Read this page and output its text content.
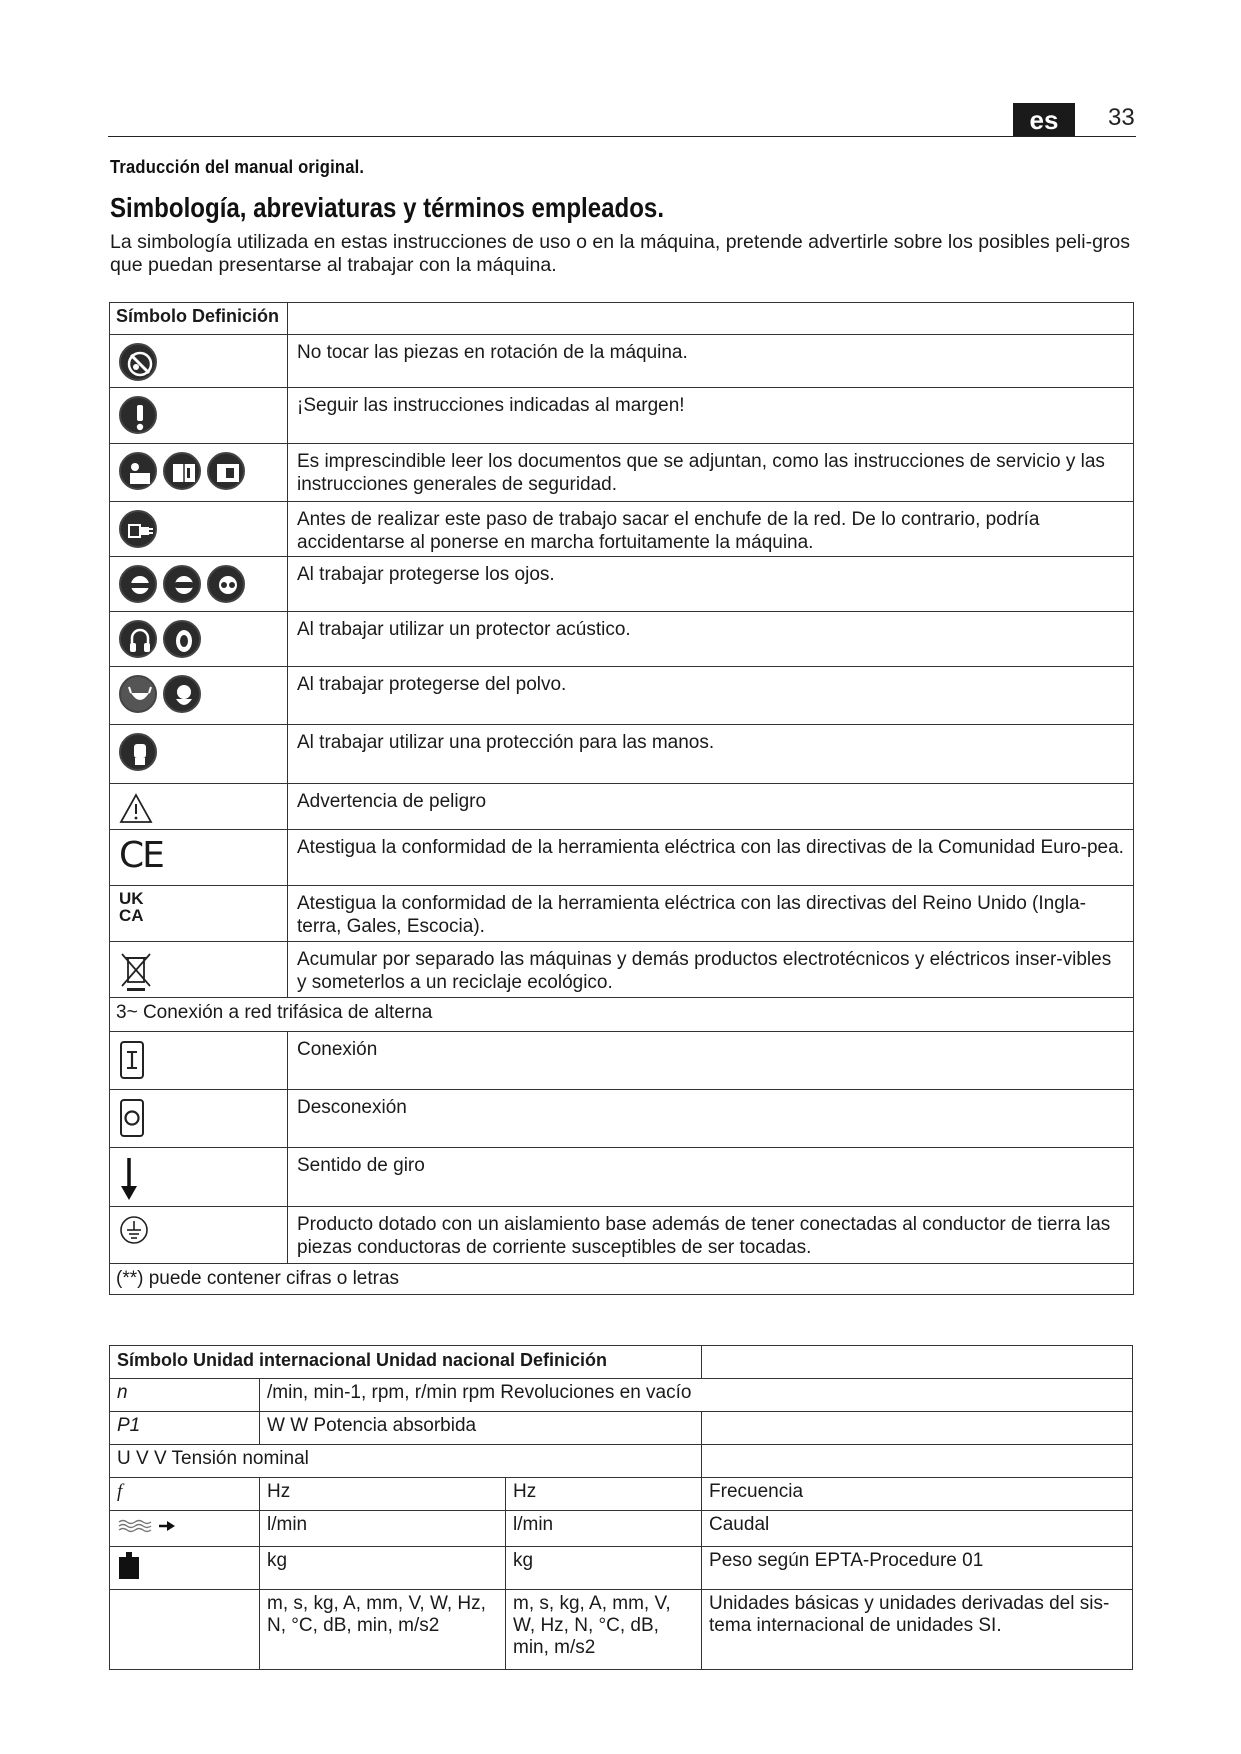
es	33
Traducción del manual original.
Simbología, abreviaturas y términos empleados.
La simbología utilizada en estas instrucciones de uso o en la máquina, pretende advertirle sobre los posibles peli-gros que puedan presentarse al trabajar con la máquina.
Símbolo Definición	

	No tocar las piezas en rotación de la máquina.

	¡Seguir las instrucciones indicadas al margen!

	Es imprescindible leer los documentos que se adjuntan, como las instrucciones de servicio y las instrucciones generales de seguridad.

	Antes de realizar este paso de trabajo sacar el enchufe de la red. De lo contrario, podría accidentarse al ponerse en marcha fortuitamente la máquina.

	Al trabajar protegerse los ojos.

	Al trabajar utilizar un protector acústico.

	Al trabajar protegerse del polvo.

	Al trabajar utilizar una protección para las manos.

	Advertencia de peligro

CE	Atestigua la conformidad de la herramienta eléctrica con las directivas de la Comunidad Euro-pea.

UK
CA	Atestigua la conformidad de la herramienta eléctrica con las directivas del Reino Unido (Ingla-terra, Gales, Escocia).

	Acumular por separado las máquinas y demás productos electrotécnicos y eléctricos inser-vibles y someterlos a un reciclaje ecológico.
3~ Conexión a red trifásica de alterna	

	Conexión

	Desconexión

	Sentido de giro

	Producto dotado con un aislamiento base además de tener conectadas al conductor de tierra las piezas conductoras de corriente susceptibles de ser tocadas.
(**) puede contener cifras o letras	
Símbolo Unidad internacional Unidad nacional Definición			
n	/min, min-1, rpm, r/min rpm Revoluciones en vacío		
P1	W W Potencia absorbida		
U V V Tensión nominal			
f	Hz	Hz	Frecuencia
	l/min	l/min	Caudal
	kg	kg	Peso según EPTA-Procedure 01
	m, s, kg, A, mm, V, W, Hz, N, °C, dB, min, m/s2	m, s, kg, A, mm, V, W, Hz, N, °C, dB, min, m/s2	Unidades básicas y unidades derivadas del sis-tema internacional de unidades SI.
